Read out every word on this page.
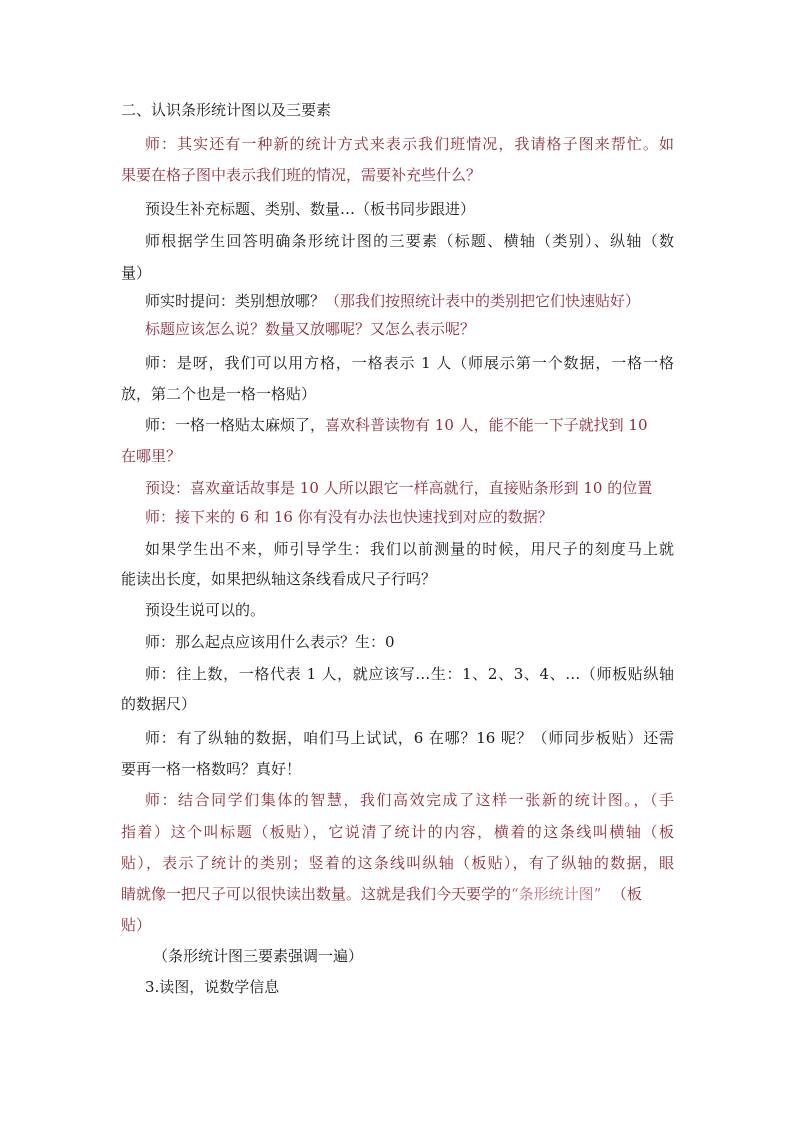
二、认识条形统计图以及三要素
师：其实还有一种新的统计方式来表示我们班情况，我请格子图来帮忙。如
果要在格子图中表示我们班的情况，需要补充些什么？
预设生补充标题、类别、数量…（板书同步跟进）
师根据学生回答明确条形统计图的三要素（标题、横轴（类别）、纵轴（数
量）
师实时提问：类别想放哪？（那我们按照统计表中的类别把它们快速贴好）
标题应该怎么说？数量又放哪呢？又怎么表示呢？
师：是呀，我们可以用方格，一格表示 1 人（师展示第一个数据，一格一格
放，第二个也是一格一格贴）
师：一格一格贴太麻烦了，喜欢科普读物有 10 人，能不能一下子就找到 10
在哪里？
预设：喜欢童话故事是 10 人所以跟它一样高就行，直接贴条形到 10 的位置
师：接下来的 6 和 16 你有没有办法也快速找到对应的数据？
如果学生出不来，师引导学生：我们以前测量的时候，用尺子的刻度马上就
能读出长度，如果把纵轴这条线看成尺子行吗？
预设生说可以的。
师：那么起点应该用什么表示？生：0
师：往上数，一格代表 1 人，就应该写…生：1、2、3、4、…（师板贴纵轴
的数据尺）
师：有了纵轴的数据，咱们马上试试，6 在哪？16 呢？（师同步板贴）还需
要再一格一格数吗？真好！
师：结合同学们集体的智慧，我们高效完成了这样一张新的统计图。，（手
指着）这个叫标题（板贴），它说清了统计的内容，横着的这条线叫横轴（板
贴），表示了统计的类别；竖着的这条线叫纵轴（板贴），有了纵轴的数据，眼
睛就像一把尺子可以很快读出数量。这就是我们今天要学的“条形统计图” （板
贴）
（条形统计图三要素强调一遍）
3.读图，说数学信息
